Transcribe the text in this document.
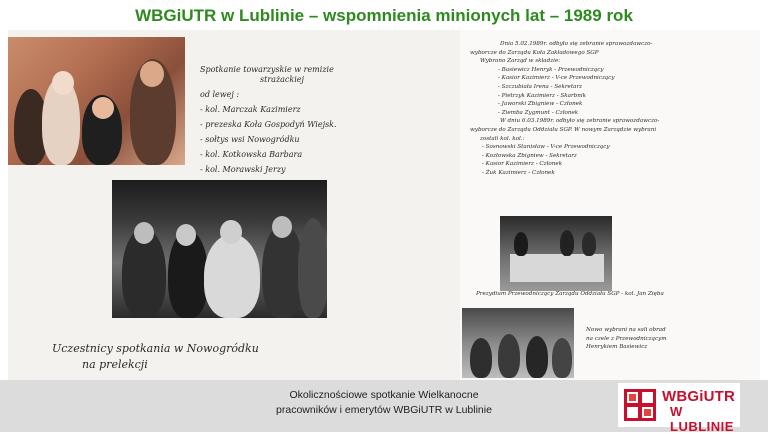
WBGiUTR w Lublinie – wspomnienia minionych lat – 1989 rok
Spotkanie towarzyskie w remizie
strażackiej
od lewej :
- kol. Marczak Kazimierz
- prezeska Koła Gospodyń Wiejsk.
- sołtys wsi Nowogródku
- kol. Kotkowska Barbara
- kol. Morawski Jerzy
Uczestnicy spotkania w Nowogródku
na prelekcji
Dnia 5.02.1989r. odbyło się zebranie sprawozdawczo-
wyborcze do Zarządu Koła Zakładowego SGP
Wybrano Zarząd w składzie:
- Basiewicz Henryk - Przewodniczący
- Kasior Kazimierz - V-ce Przewodniczący
- Szczubiała Irena - Sekretarz
- Pietrzyk Kazimierz - Skarbnik
- Jaworski Zbigniew - Członek
- Ziemba Zygmunt - Członek
W dniu 6.03.1989r. odbyło się zebranie sprawozdawczo-
wyborcze do Zarządu Oddziału SGP. W nowym Zarządzie wybrani
zostali kol. kol.:
- Sosnowski Stanisław - V-ce Przewodniczący
- Kozłowska Zbigniew - Sekretarz
- Kasior Kazimierz - Członek
- Żuk Kazimierz - Członek
Prezydium Przewodniczący Zarządu Oddziału SGP - kol. Jan Zięba
Nowo wybrani na sali obrad
na czele z Przewodniczącym
Henrykiem Basiewicz
Okolicznościowe spotkanie Wielkanocne
pracowników i emerytów WBGiUTR w Lublinie
WBGiUTR
W LUBLINIE
